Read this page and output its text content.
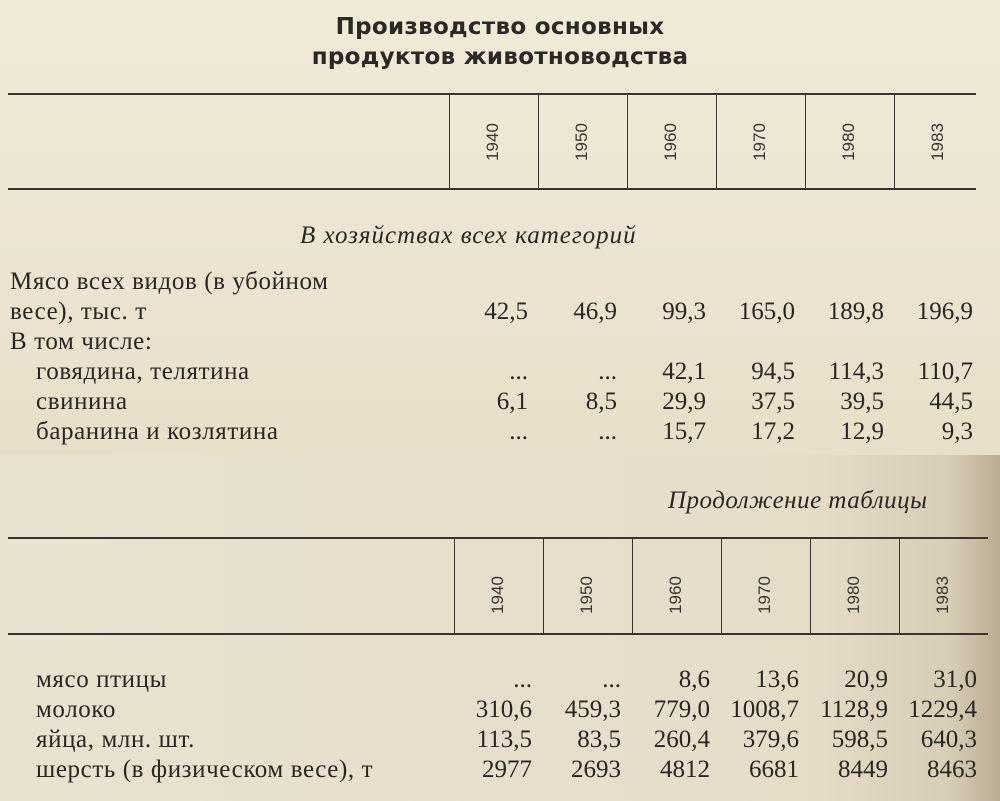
Производство основных
продуктов животноводства
1940	1950	1960	1970	1980	1983
В хозяйствах всех категорий
Мясо всех видов (в убойном
весе), тыс. т	42,5	46,9	99,3	165,0	189,8	196,9
В том числе:
говядина, телятина	...	...	42,1	94,5	114,3	110,7
свинина	6,1	8,5	29,9	37,5	39,5	44,5
баранина и козлятина	...	...	15,7	17,2	12,9	9,3
Продолжение таблицы
1940	1950	1960	1970	1980	1983
мясо птицы	...	...	8,6	13,6	20,9	31,0
молоко	310,6	459,3	779,0 1008,7 1128,9 1229,4
яйца, млн. шт.	113,5	83,5	260,4	379,6	598,5	640,3
шерсть (в физическом весе), т	2977	2693	4812	6681	8449	8463
